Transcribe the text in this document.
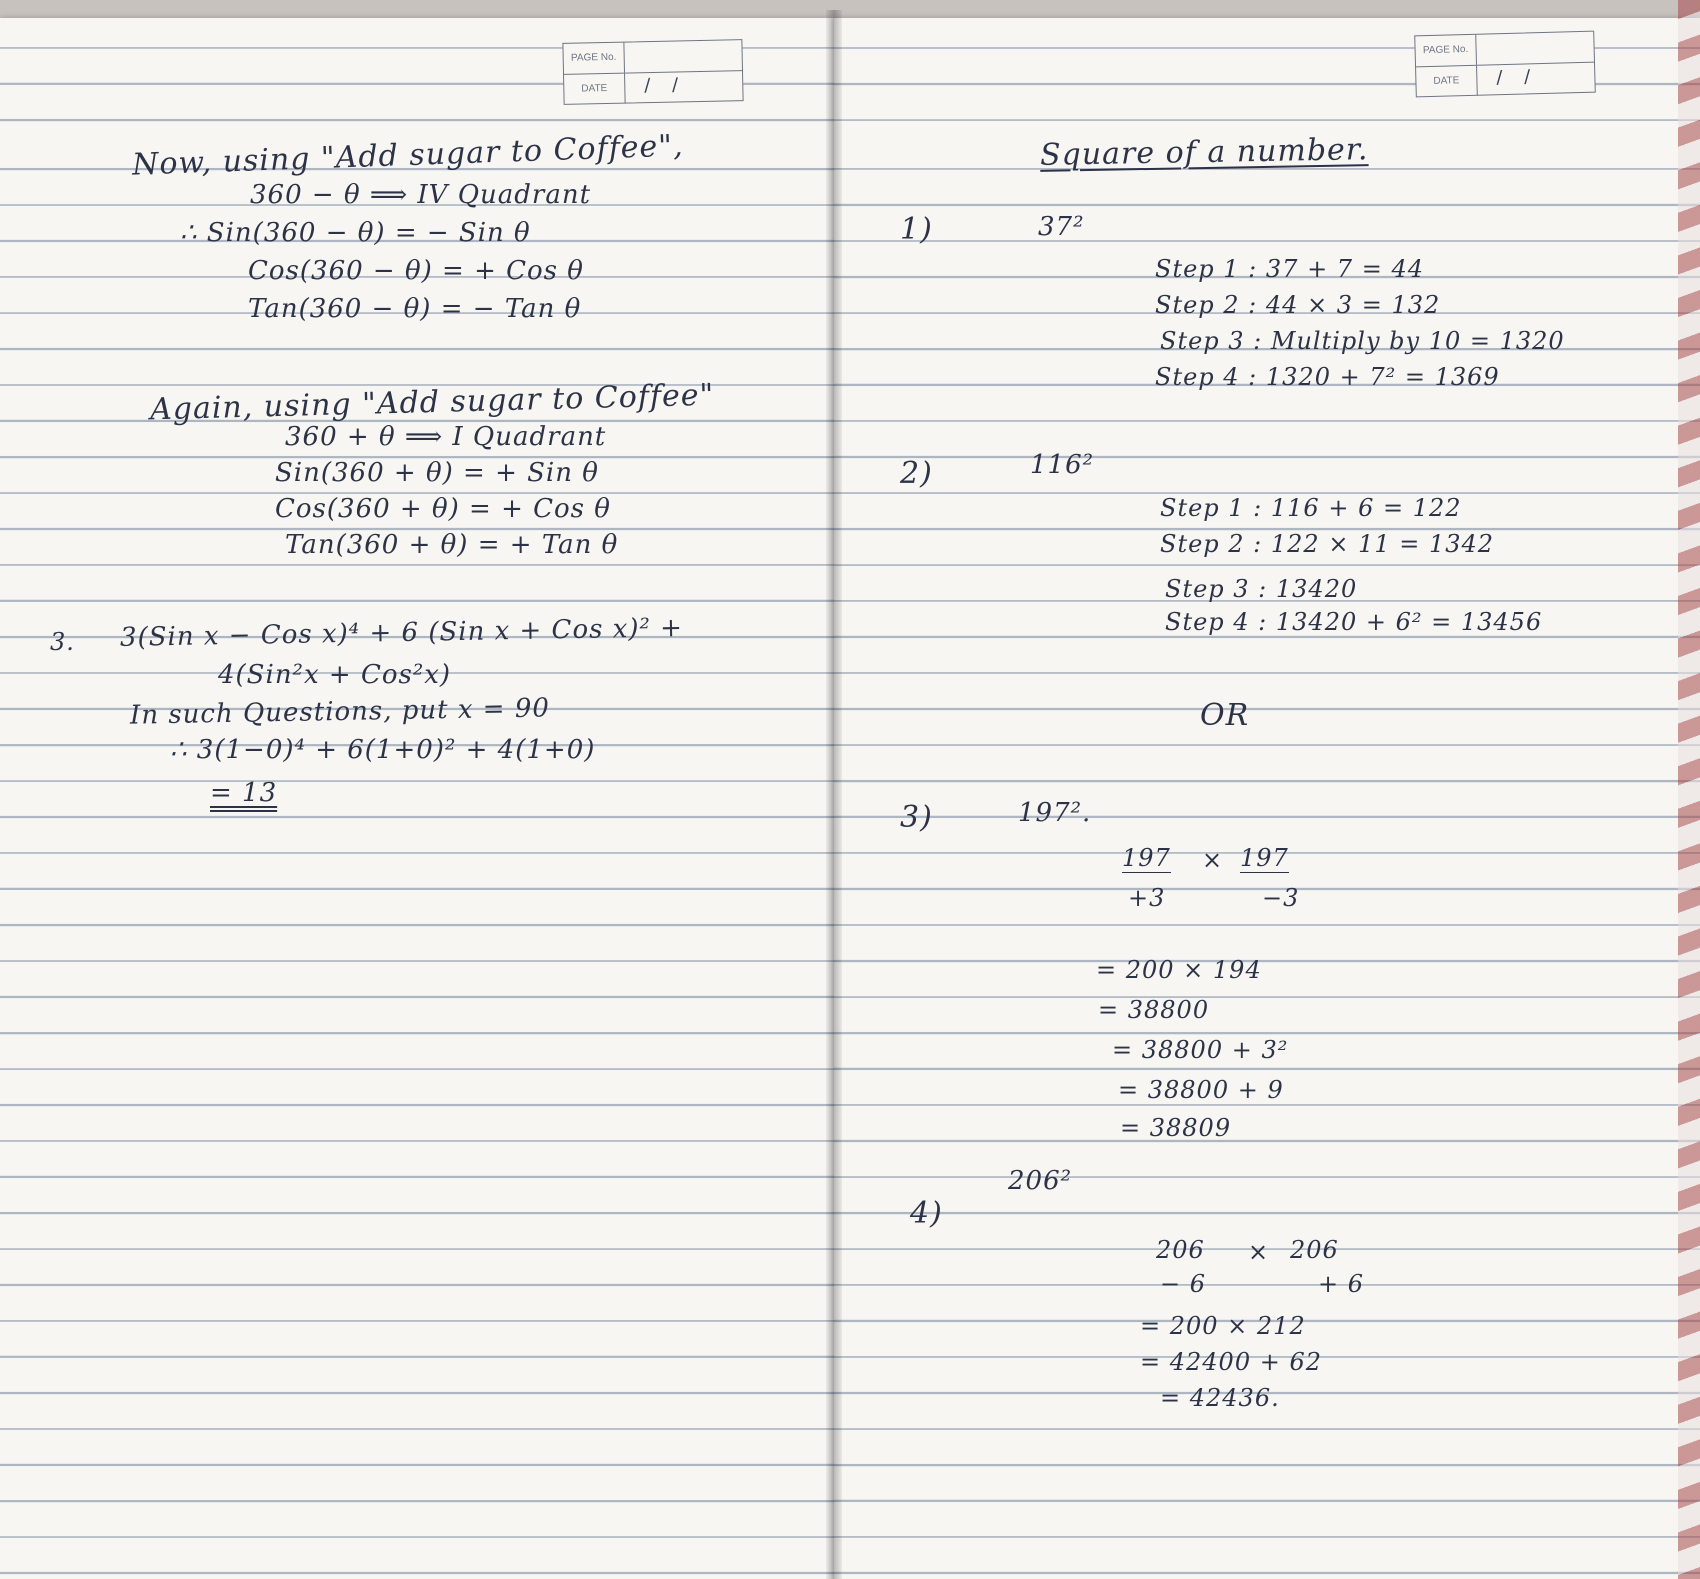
PAGE No.
DATE	/ /
PAGE No.
DATE	/ /
Now, using "Add sugar to Coffee",
360 − θ ⟹ IV Quadrant
∴ Sin(360 − θ) = − Sin θ
Cos(360 − θ) = + Cos θ
Tan(360 − θ) = − Tan θ
Again, using "Add sugar to Coffee"
360 + θ ⟹ I Quadrant
Sin(360 + θ) = + Sin θ
Cos(360 + θ) = + Cos θ
Tan(360 + θ) = + Tan θ
3. 3(Sin x − Cos x)⁴ + 6 (Sin x + Cos x)² +
4(Sin²x + Cos²x)
In such Questions, put x = 90
∴ 3(1−0)⁴ + 6(1+0)² + 4(1+0)
= 13
Square of a number.
1)	37²
Step 1 : 37 + 7 = 44
Step 2 : 44 × 3 = 132
Step 3 : Multiply by 10 = 1320
Step 4 : 1320 + 7² = 1369
2)	116²
Step 1 : 116 + 6 = 122
Step 2 : 122 × 11 = 1342
Step 3 : 13420
Step 4 : 13420 + 6² = 13456
OR
3)	197².
197 × 197
+3	−3
= 200 × 194
= 38800
= 38800 + 3²
= 38800 + 9
= 38809
4)
206²
206 × 206
− 6	+ 6
= 200 × 212
= 42400 + 62
= 42436.
